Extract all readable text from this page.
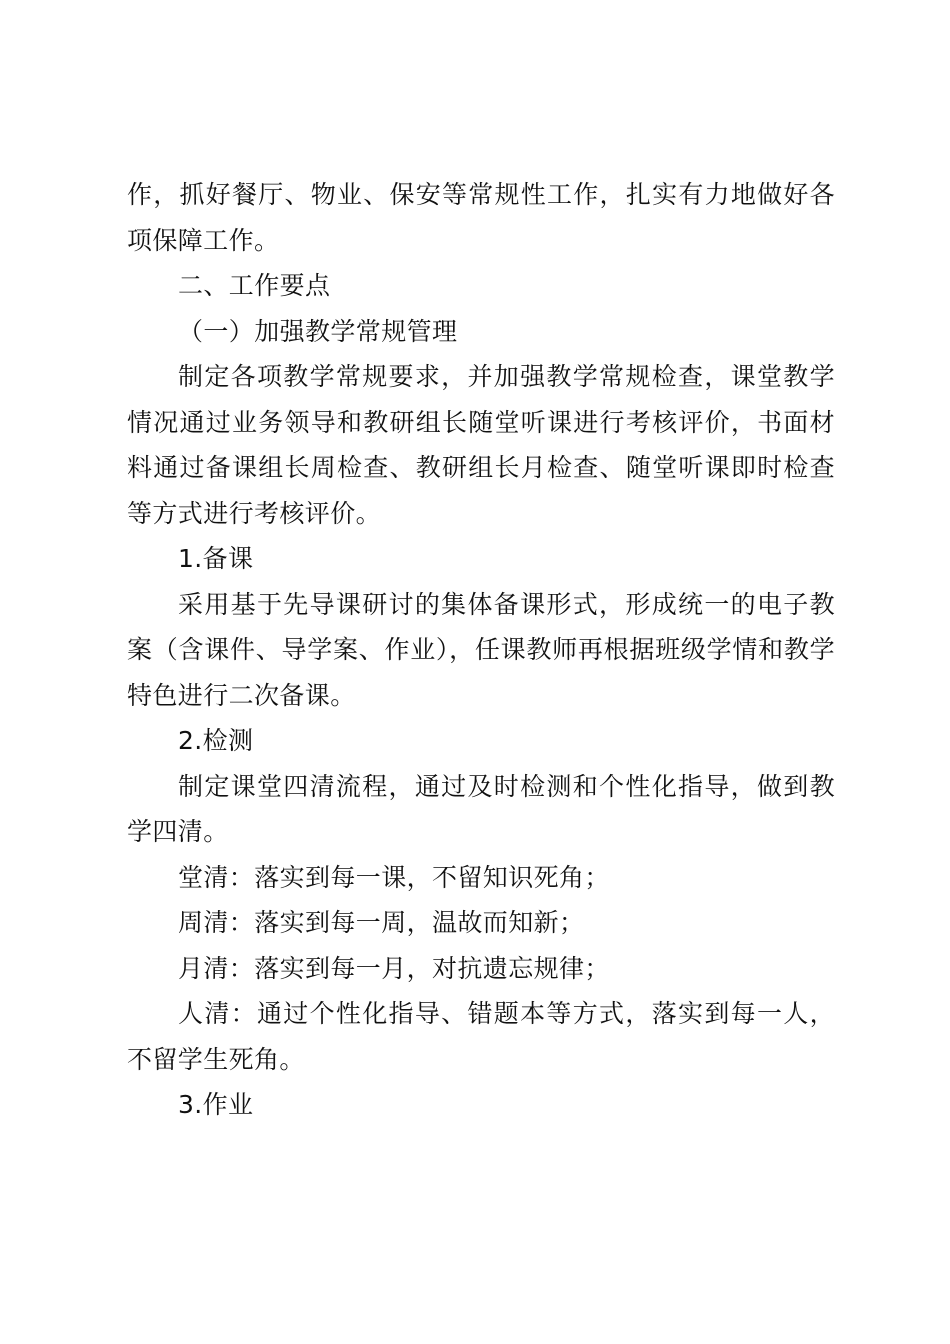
作，抓好餐厅、物业、保安等常规性工作，扎实有力地做好各项保障工作。

二、工作要点

（一）加强教学常规管理

制定各项教学常规要求，并加强教学常规检查，课堂教学情况通过业务领导和教研组长随堂听课进行考核评价，书面材料通过备课组长周检查、教研组长月检查、随堂听课即时检查等方式进行考核评价。

1.备课

采用基于先导课研讨的集体备课形式，形成统一的电子教案（含课件、导学案、作业），任课教师再根据班级学情和教学特色进行二次备课。

2.检测

制定课堂四清流程，通过及时检测和个性化指导，做到教学四清。

堂清：落实到每一课，不留知识死角；

周清：落实到每一周，温故而知新；

月清：落实到每一月，对抗遗忘规律；

人清：通过个性化指导、错题本等方式，落实到每一人，不留学生死角。

3.作业
